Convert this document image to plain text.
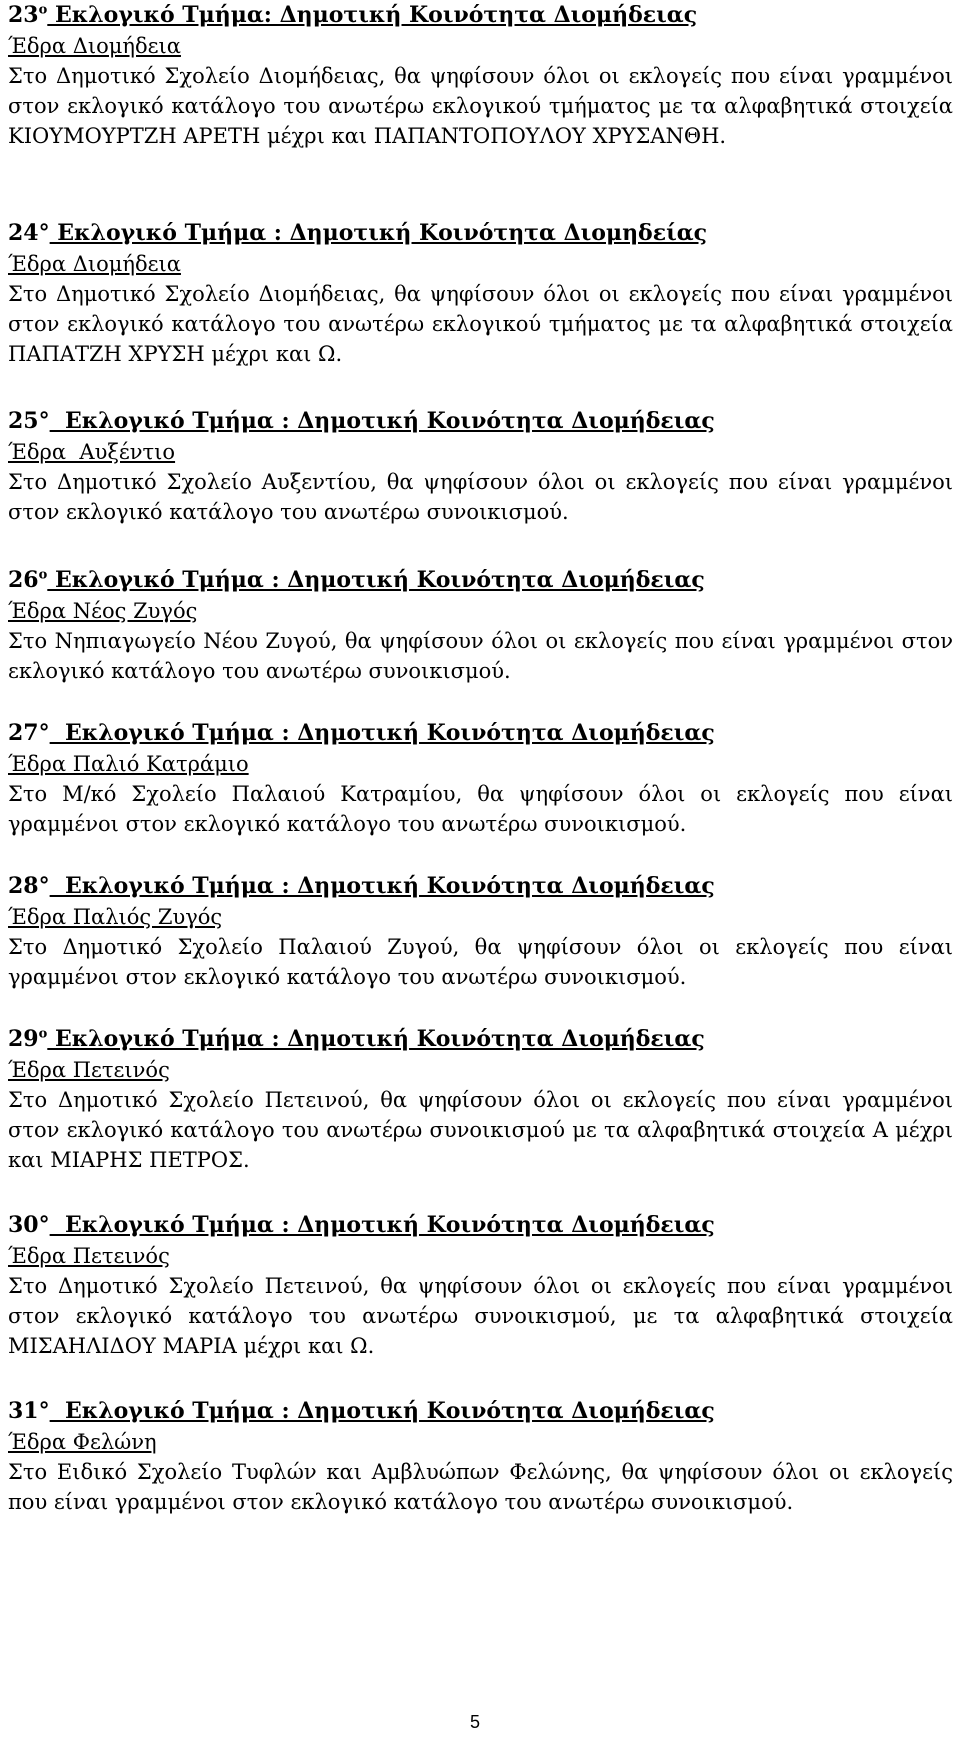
$23^o$ Εκλογικό Τμήμα: Δημοτική Κοινότητα Διομήδειας

Έδρα Διομήδεια

Στο Δημοτικό Σχολείο Διομήδειας, θα ψηφίσουν όλοι οι εκλογείς που είναι γραμμένοι στον εκλογικό κατάλογο του ανωτέρω εκλογικού τμήματος με τα αλφαβητικά στοιχεία ΚΙΟΥΜΟΥΡΤΖΗ ΑΡΕΤΗ μέχρι και ΠΑΠΑΝΤΟΠΟΥΛΟΥ ΧΡΥΣΑΝΘΗ.

24° Εκλογικό Τμήμα : Δημοτική Κοινότητα Διομηδείας

Έδρα Διομήδεια

Στο Δημοτικό Σχολείο Διομήδειας, θα ψηφίσουν όλοι οι εκλογείς που είναι γραμμένοι στον εκλογικό κατάλογο του ανωτέρω εκλογικού τμήματος με τα αλφαβητικά στοιχεία ΠΑΠΑΤΖΗ ΧΡΥΣΗ μέχρι και Ω.

25°  Εκλογικό Τμήμα : Δημοτική Κοινότητα Διομήδειας

Έδρα  Αυξέντιο

Στο Δημοτικό Σχολείο Αυξεντίου, θα ψηφίσουν όλοι οι εκλογείς που είναι γραμμένοι στον εκλογικό κατάλογο του ανωτέρω συνοικισμού.

$26^o$ Εκλογικό Τμήμα : Δημοτική Κοινότητα Διομήδειας

Έδρα Νέος Ζυγός

Στο Νηπιαγωγείο Νέου Ζυγού, θα ψηφίσουν όλοι οι εκλογείς που είναι γραμμένοι στον εκλογικό κατάλογο του ανωτέρω συνοικισμού.

27°  Εκλογικό Τμήμα : Δημοτική Κοινότητα Διομήδειας

Έδρα Παλιό Κατράμιο

Στο Μ/κό Σχολείο Παλαιού Κατραμίου, θα ψηφίσουν όλοι οι εκλογείς που είναι γραμμένοι στον εκλογικό κατάλογο του ανωτέρω συνοικισμού.

28°  Εκλογικό Τμήμα : Δημοτική Κοινότητα Διομήδειας

Έδρα Παλιός Ζυγός

Στο Δημοτικό Σχολείο Παλαιού Ζυγού, θα ψηφίσουν όλοι οι εκλογείς που είναι γραμμένοι στον εκλογικό κατάλογο του ανωτέρω συνοικισμού.

$29^o$ Εκλογικό Τμήμα : Δημοτική Κοινότητα Διομήδειας

Έδρα Πετεινός

Στο Δημοτικό Σχολείο Πετεινού, θα ψηφίσουν όλοι οι εκλογείς που είναι γραμμένοι στον εκλογικό κατάλογο του ανωτέρω συνοικισμού με τα αλφαβητικά στοιχεία Α μέχρι και ΜΙΑΡΗΣ ΠΕΤΡΟΣ.

30°  Εκλογικό Τμήμα : Δημοτική Κοινότητα Διομήδειας

Έδρα Πετεινός

Στο Δημοτικό Σχολείο Πετεινού, θα ψηφίσουν όλοι οι εκλογείς που είναι γραμμένοι στον εκλογικό κατάλογο του ανωτέρω συνοικισμού, με τα αλφαβητικά στοιχεία ΜΙΣΑΗΛΙΔΟΥ ΜΑΡΙΑ μέχρι και Ω.

31°  Εκλογικό Τμήμα : Δημοτική Κοινότητα Διομήδειας

Έδρα Φελώνη

Στο Ειδικό Σχολείο Τυφλών και Αμβλυώπων Φελώνης, θα ψηφίσουν όλοι οι εκλογείς που είναι γραμμένοι στον εκλογικό κατάλογο του ανωτέρω συνοικισμού.

5
